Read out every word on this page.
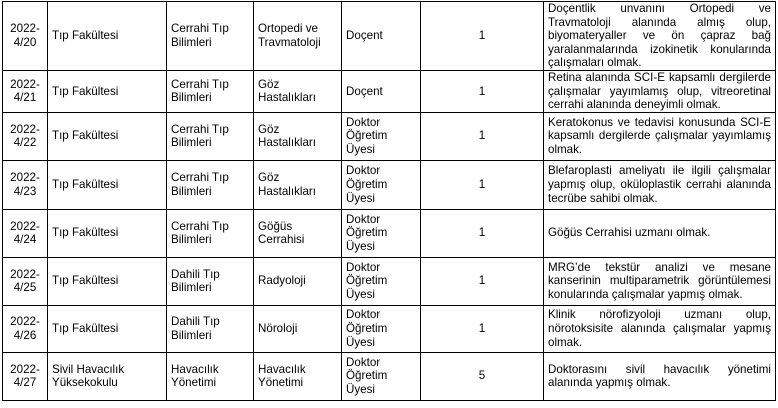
2022-
4/20	Tıp Fakültesi	Cerrahi Tıp
Bilimleri	Ortopedi ve
Travmatoloji	Doçent	1	Doçentlik unvanını Ortopedi ve Travmatoloji alanında almış olup, biyomateryaller ve ön çapraz bağ yaralanmalarında izokinetik konularında çalışmaları olmak.
2022-
4/21	Tıp Fakültesi	Cerrahi Tıp
Bilimleri	Göz
Hastalıkları	Doçent	1	Retina alanında SCI-E kapsamlı dergilerde çalışmalar yayımlamış olup, vitreoretinal cerrahi alanında deneyimli olmak.
2022-
4/22	Tıp Fakültesi	Cerrahi Tıp
Bilimleri	Göz
Hastalıkları	Doktor
Öğretim
Üyesi	1	Keratokonus ve tedavisi konusunda SCI-E kapsamlı dergilerde çalışmalar yayımlamış olmak.
2022-
4/23	Tıp Fakültesi	Cerrahi Tıp
Bilimleri	Göz
Hastalıkları	Doktor
Öğretim
Üyesi	1	Blefaroplasti ameliyatı ile ilgili çalışmalar yapmış olup, oküloplastik cerrahi alanında tecrübe sahibi olmak.
2022-
4/24	Tıp Fakültesi	Cerrahi Tıp
Bilimleri	Göğüs
Cerrahisi	Doktor
Öğretim
Üyesi	1	Göğüs Cerrahisi uzmanı olmak.
2022-
4/25	Tıp Fakültesi	Dahili Tıp
Bilimleri	Radyoloji	Doktor
Öğretim
Üyesi	1	MRG’de tekstür analizi ve mesane kanserinin multiparametrik görüntülemesi konularında çalışmalar yapmış olmak.
2022-
4/26	Tıp Fakültesi	Dahili Tıp
Bilimleri	Nöroloji	Doktor
Öğretim
Üyesi	1	Klinik nörofizyoloji uzmanı olup, nörotoksisite alanında çalışmalar yapmış olmak.
2022-
4/27	Sivil Havacılık
Yüksekokulu	Havacılık
Yönetimi	Havacılık
Yönetimi	Doktor
Öğretim
Üyesi	5	Doktorasını sivil havacılık yönetimi alanında yapmış olmak.
